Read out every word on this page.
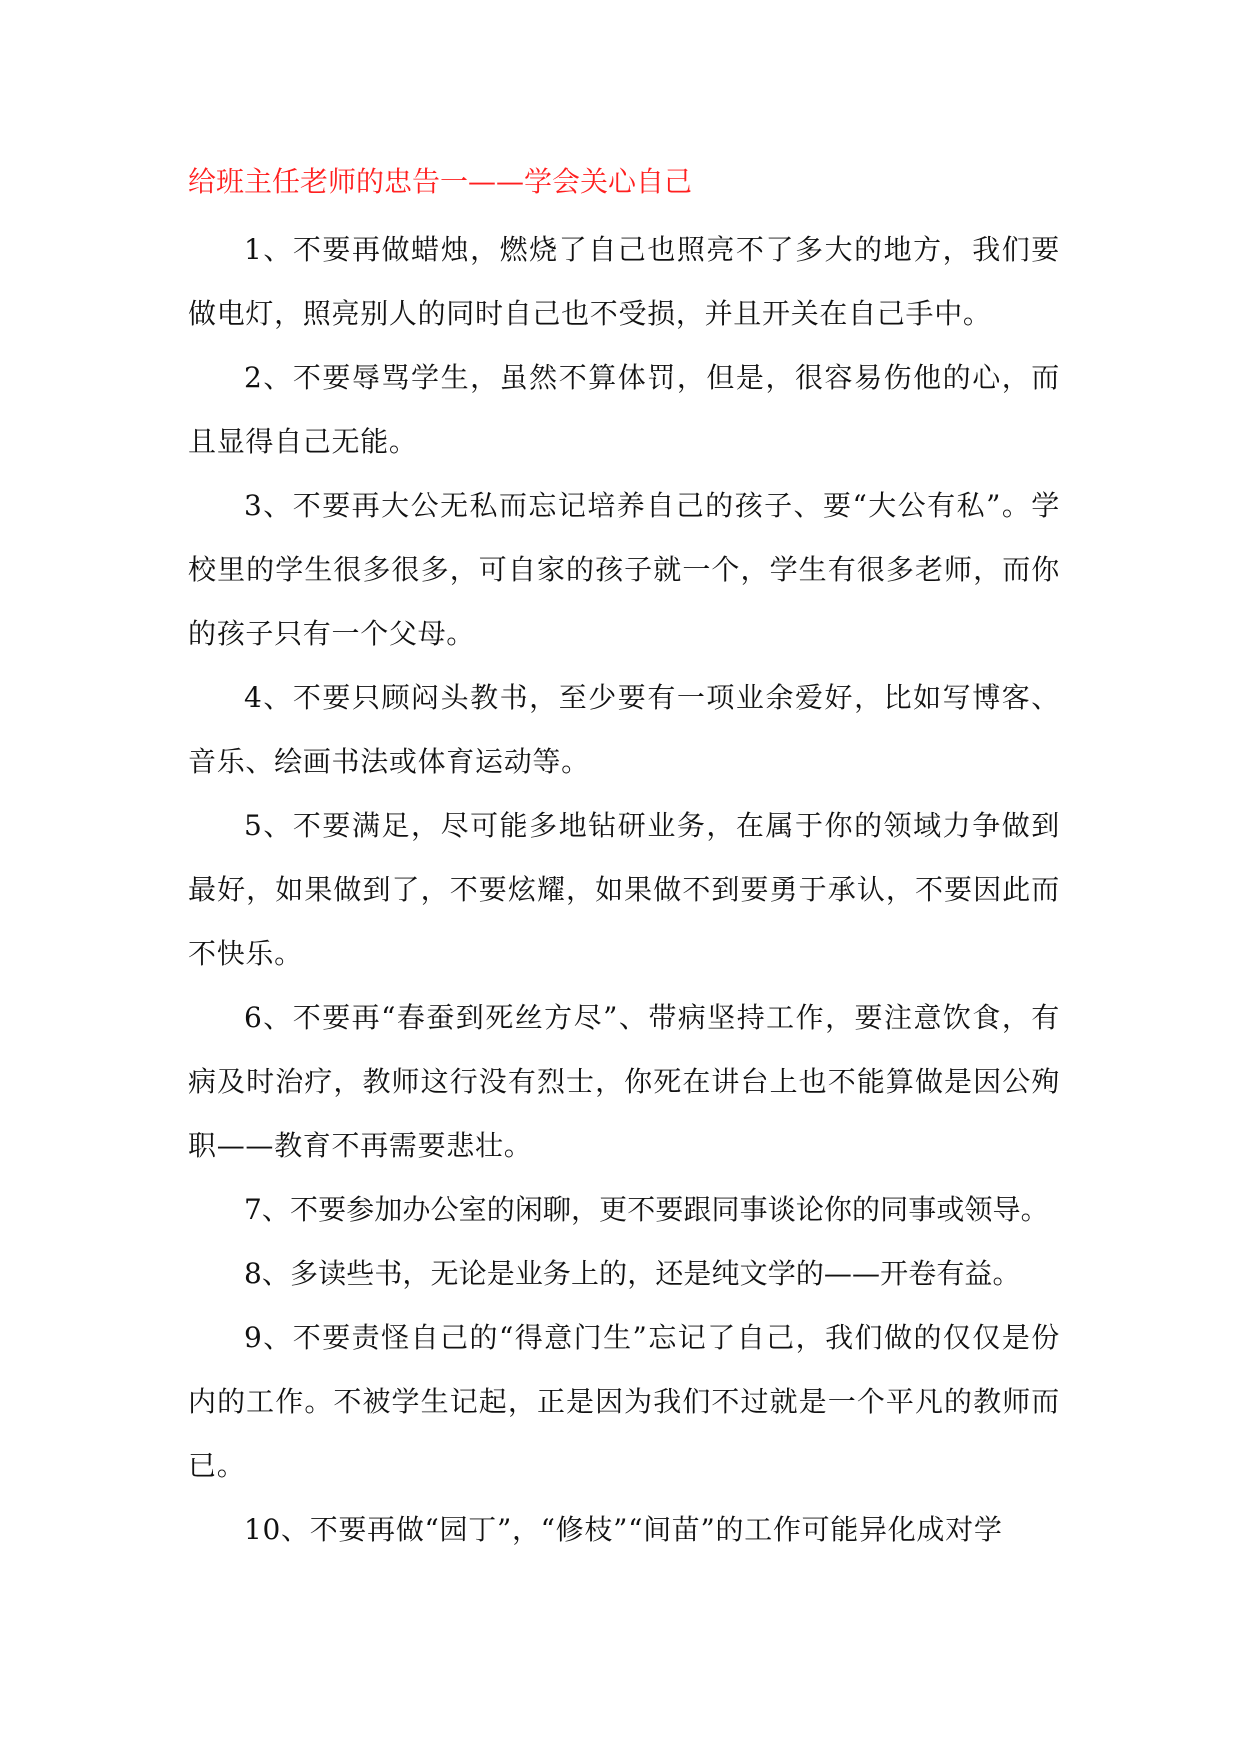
给班主任老师的忠告一——学会关心自己

1、不要再做蜡烛，燃烧了自己也照亮不了多大的地方，我们要做电灯，照亮别人的同时自己也不受损，并且开关在自己手中。

2、不要辱骂学生，虽然不算体罚，但是，很容易伤他的心，而且显得自己无能。

3、不要再大公无私而忘记培养自己的孩子、要“大公有私”。学校里的学生很多很多，可自家的孩子就一个，学生有很多老师，而你的孩子只有一个父母。

4、不要只顾闷头教书，至少要有一项业余爱好，比如写博客、音乐、绘画书法或体育运动等。

5、不要满足，尽可能多地钻研业务，在属于你的领域力争做到最好，如果做到了，不要炫耀，如果做不到要勇于承认，不要因此而不快乐。

6、不要再“春蚕到死丝方尽”、带病坚持工作，要注意饮食，有病及时治疗，教师这行没有烈士，你死在讲台上也不能算做是因公殉职——教育不再需要悲壮。

7、不要参加办公室的闲聊，更不要跟同事谈论你的同事或领导。

8、多读些书，无论是业务上的，还是纯文学的——开卷有益。

9、不要责怪自己的“得意门生”忘记了自己，我们做的仅仅是份内的工作。不被学生记起，正是因为我们不过就是一个平凡的教师而已。

10、不要再做“园丁”，“修枝”“间苗”的工作可能异化成对学
